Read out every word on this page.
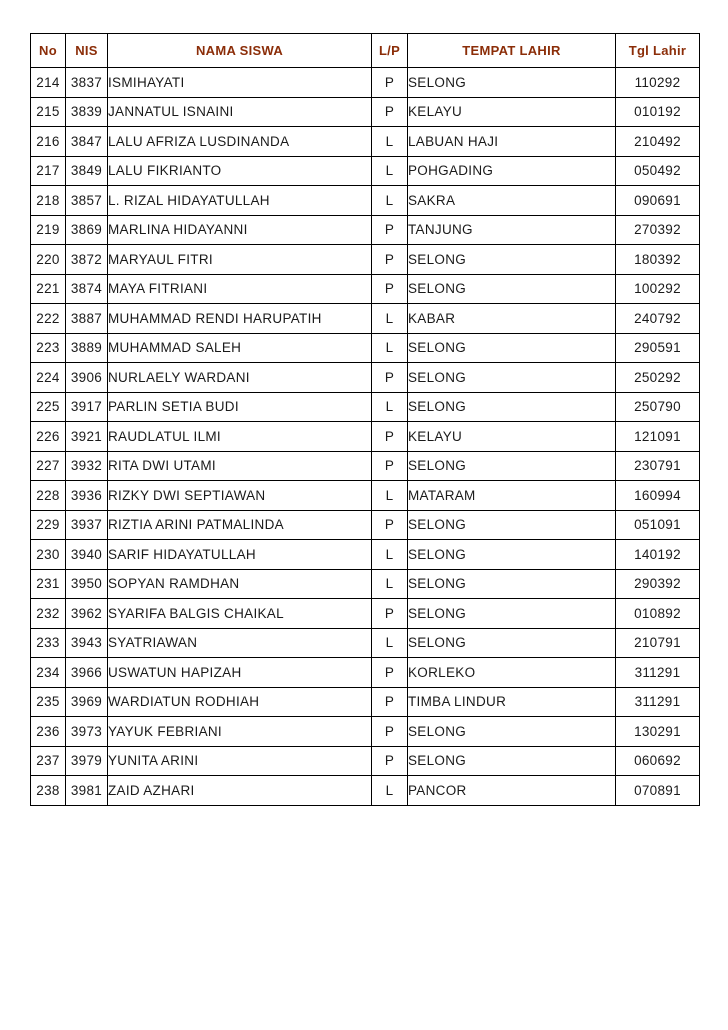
No	NIS	NAMA SISWA	L/P	TEMPAT LAHIR	Tgl Lahir
214	3837	ISMIHAYATI	P	SELONG	110292
215	3839	JANNATUL ISNAINI	P	KELAYU	010192
216	3847	LALU AFRIZA LUSDINANDA	L	LABUAN HAJI	210492
217	3849	LALU FIKRIANTO	L	POHGADING	050492
218	3857	L. RIZAL HIDAYATULLAH	L	SAKRA	090691
219	3869	MARLINA HIDAYANNI	P	TANJUNG	270392
220	3872	MARYAUL FITRI	P	SELONG	180392
221	3874	MAYA FITRIANI	P	SELONG	100292
222	3887	MUHAMMAD RENDI HARUPATIH	L	KABAR	240792
223	3889	MUHAMMAD SALEH	L	SELONG	290591
224	3906	NURLAELY WARDANI	P	SELONG	250292
225	3917	PARLIN SETIA BUDI	L	SELONG	250790
226	3921	RAUDLATUL ILMI	P	KELAYU	121091
227	3932	RITA DWI UTAMI	P	SELONG	230791
228	3936	RIZKY DWI SEPTIAWAN	L	MATARAM	160994
229	3937	RIZTIA ARINI PATMALINDA	P	SELONG	051091
230	3940	SARIF HIDAYATULLAH	L	SELONG	140192
231	3950	SOPYAN RAMDHAN	L	SELONG	290392
232	3962	SYARIFA BALGIS CHAIKAL	P	SELONG	010892
233	3943	SYATRIAWAN	L	SELONG	210791
234	3966	USWATUN HAPIZAH	P	KORLEKO	311291
235	3969	WARDIATUN RODHIAH	P	TIMBA LINDUR	311291
236	3973	YAYUK FEBRIANI	P	SELONG	130291
237	3979	YUNITA ARINI	P	SELONG	060692
238	3981	ZAID AZHARI	L	PANCOR	070891
